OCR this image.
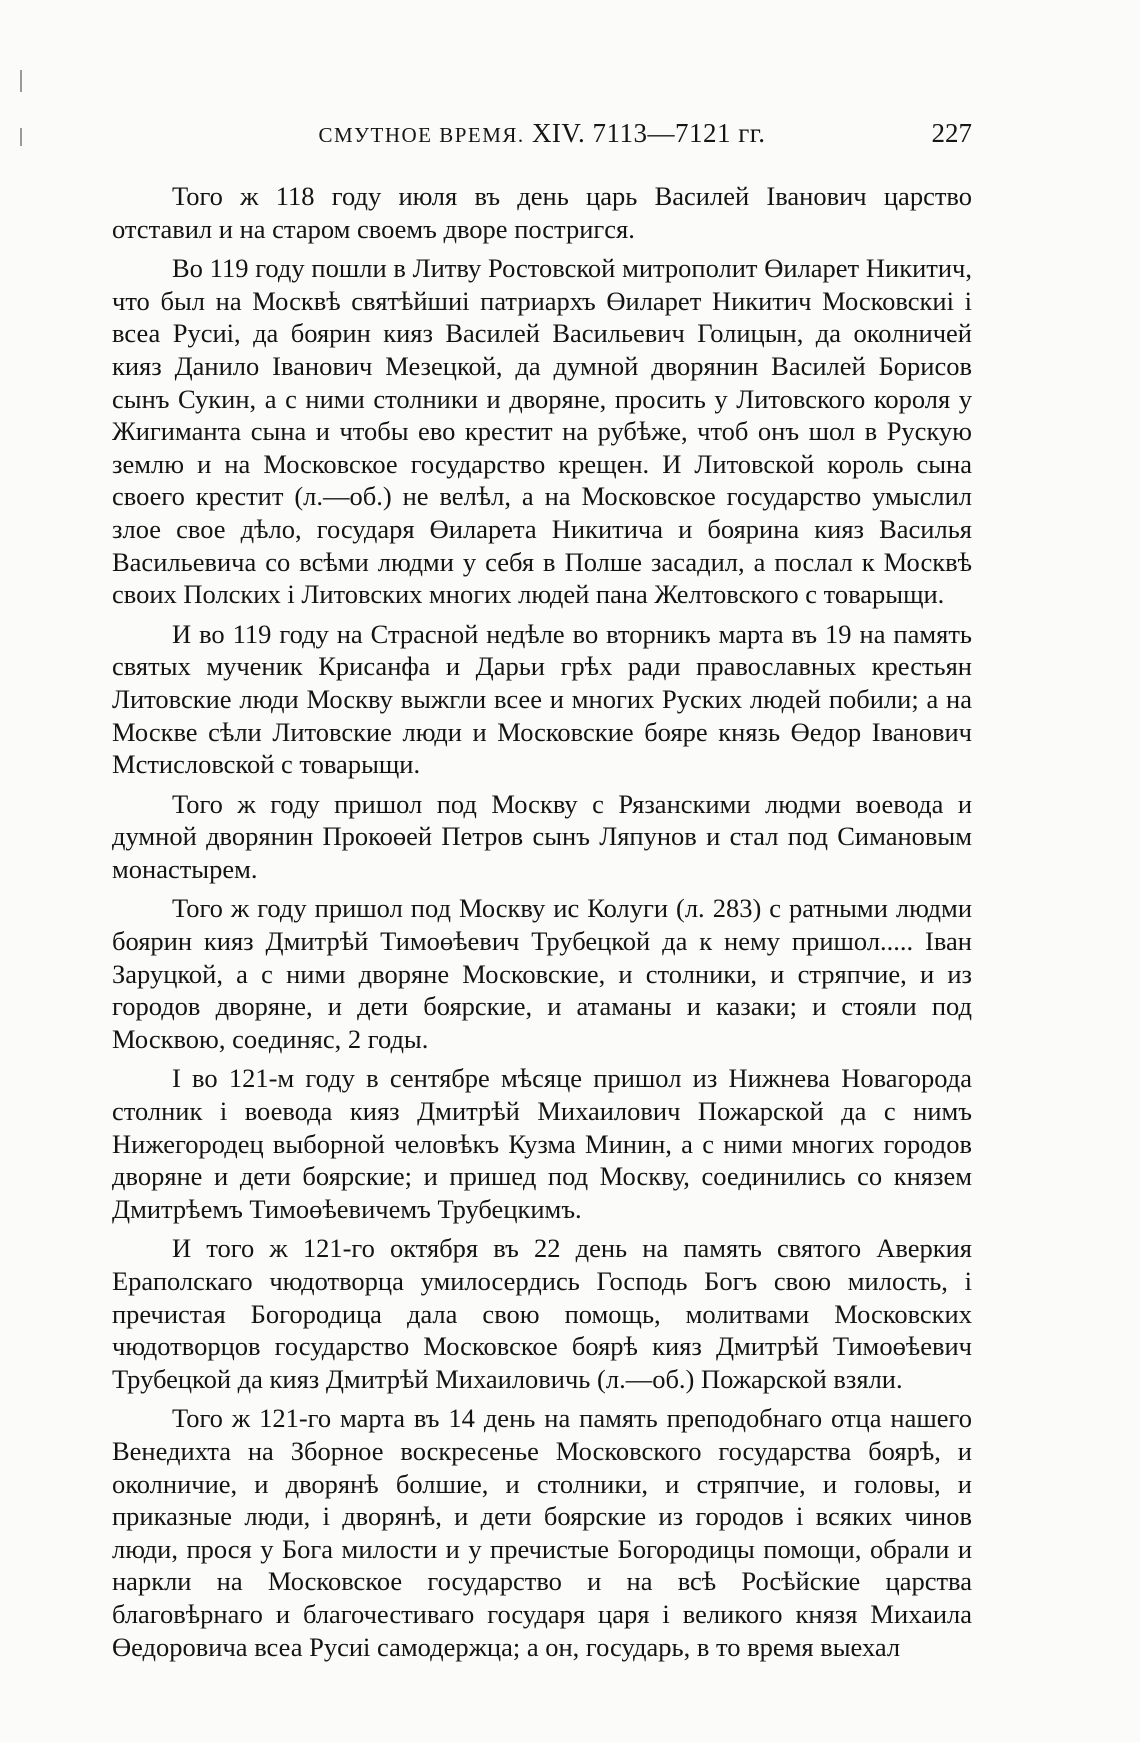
СМУТНОЕ ВРЕМЯ. XIV. 7113—7121 гг.	227

Того ж 118 году июля въ день царь Василей Іванович царство отставил и на старом своемъ дворе постригся.

Во 119 году пошли в Литву Ростовской митрополит Өиларет Никитич, что был на Москвѣ святѣйшиі патриархъ Өиларет Никитич Московскиі і всеа Русиі, да боярин кияз Василей Васильевич Голицын, да околничей кияз Данило Іванович Мезецкой, да думной дворянин Василей Борисов сынъ Сукин, а с ними столники и дворяне, просить у Литовского короля у Жигиманта сына и чтобы ево крестит на рубѣже, чтоб онъ шол в Рускую землю и на Московское государство крещен. И Литовской король сына своего крестит (л.—об.) не велѣл, а на Московское государство умыслил злое свое дѣло, государя Өиларета Никитича и боярина кияз Василья Васильевича со всѣми людми у себя в Полше засадил, а послал к Москвѣ своих Полских і Литовских многих людей пана Желтовского с товарыщи.

И во 119 году на Страсной недѣле во вторникъ марта въ 19 на память святых мученик Крисанфа и Дарьи грѣх ради православных крестьян Литовские люди Москву выжгли всее и многих Руских людей побили; а на Москве сѣли Литовские люди и Московские бояре князь Өедор Іванович Мстисловской с товарыщи.

Того ж году пришол под Москву с Рязанскими людми воевода и думной дворянин Прокоөей Петров сынъ Ляпунов и стал под Симановым монастырем.

Того ж году пришол под Москву ис Колуги (л. 283) с ратными людми боярин кияз Дмитрѣй Тимоөѣевич Трубецкой да к нему пришол..... Іван Заруцкой, а с ними дворяне Московские, и столники, и стряпчие, и из городов дворяне, и дети боярские, и атаманы и казаки; и стояли под Москвою, соединяс, 2 годы.

І во 121-м году в сентябре мѣсяце пришол из Нижнева Новагорода столник і воевода кияз Дмитрѣй Михаилович Пожарской да с нимъ Нижегородец выборной человѣкъ Кузма Минин, а с ними многих городов дворяне и дети боярские; и пришед под Москву, соединились со князем Дмитрѣемъ Тимоөѣевичемъ Трубецкимъ.

И того ж 121-го октября въ 22 день на память святого Аверкия Ераполскаго чюдотворца умилосердись Господь Богъ свою милость, і пречистая Богородица дала свою помощь, молитвами Московских чюдотворцов государство Московское боярѣ кияз Дмитрѣй Тимоөѣевич Трубецкой да кияз Дмитрѣй Михаиловичь (л.—об.) Пожарской взяли.

Того ж 121-го марта въ 14 день на память преподобнаго отца нашего Венедихта на Зборное воскресенье Московского государства боярѣ, и околничие, и дворянѣ болшие, и столники, и стряпчие, и головы, и приказные люди, і дворянѣ, и дети боярские из городов і всяких чинов люди, прося у Бога милости и у пречистые Богородицы помощи, обрали и наркли на Московское государство и на всѣ Росѣйские царства благовѣрнаго и благочестиваго государя царя і великого князя Михаила Өедоровича всеа Русиі самодержца; а он, государь, в то время выехал
